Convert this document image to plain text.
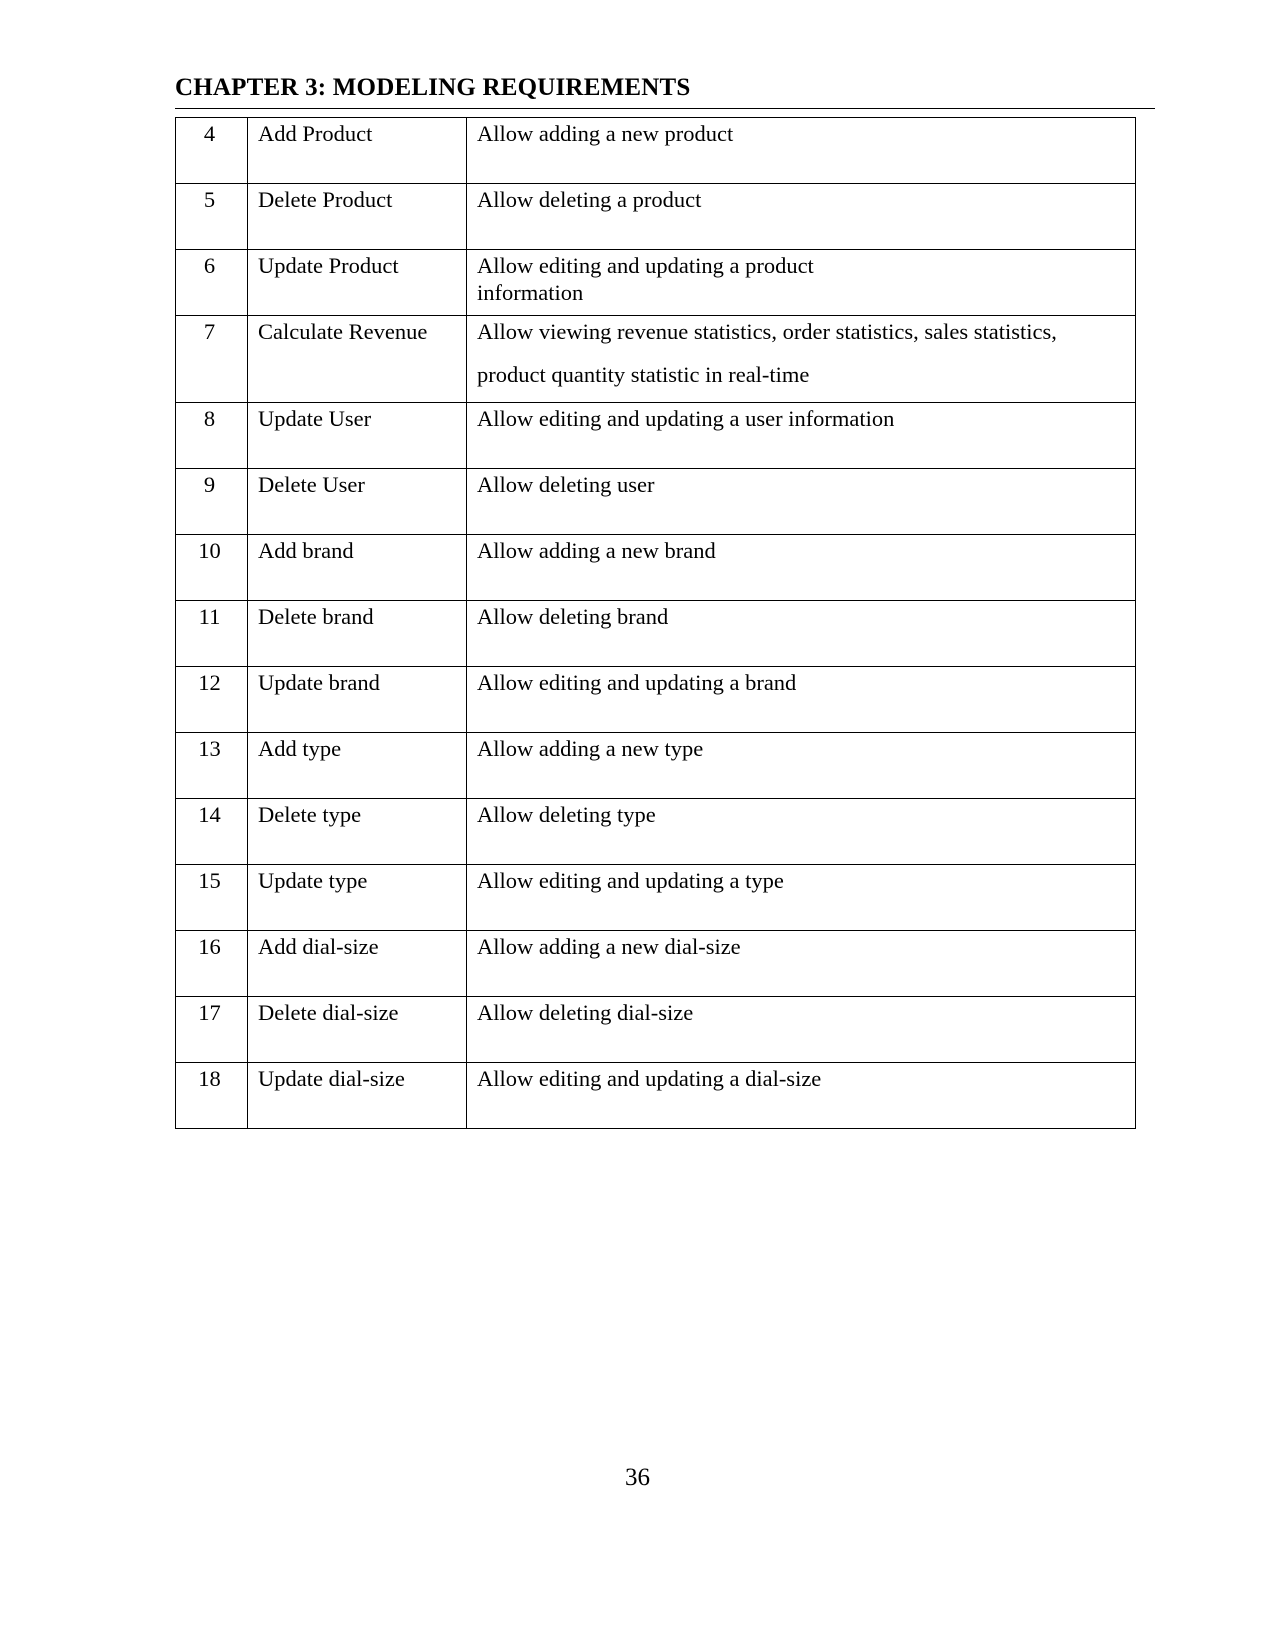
CHAPTER 3: MODELING REQUIREMENTS
4	Add Product	Allow adding a new product
5	Delete Product	Allow deleting a product
6	Update Product	Allow editing and updating a product
information
7	Calculate Revenue	Allow viewing revenue statistics, order statistics, sales statistics,
product quantity statistic in real-time

8	Update User	Allow editing and updating a user information
9	Delete User	Allow deleting user
10	Add brand	Allow adding a new brand
11	Delete brand	Allow deleting brand
12	Update brand	Allow editing and updating a brand
13	Add type	Allow adding a new type
14	Delete type	Allow deleting type
15	Update type	Allow editing and updating a type
16	Add dial-size	Allow adding a new dial-size
17	Delete dial-size	Allow deleting dial-size
18	Update dial-size	Allow editing and updating a dial-size
36
